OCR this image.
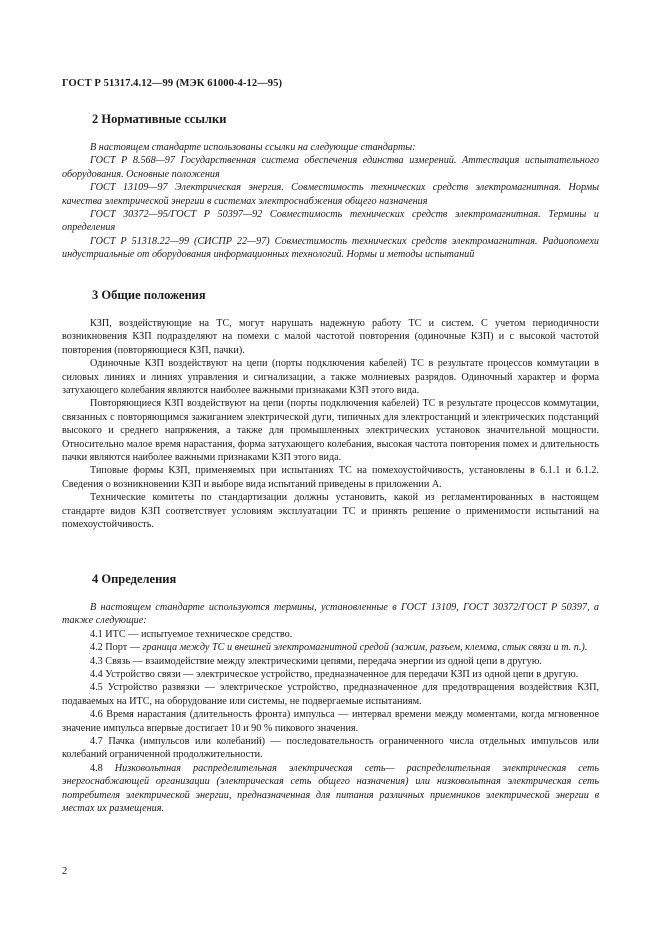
ГОСТ Р 51317.4.12—99 (МЭК 61000-4-12—95)
2 Нормативные ссылки

В настоящем стандарте использованы ссылки на следующие стандарты:

ГОСТ Р 8.568—97 Государственная система обеспечения единства измерений. Аттестация испытательного оборудования. Основные положения

ГОСТ 13109—97 Электрическая энергия. Совместимость технических средств электромагнитная. Нормы качества электрической энергии в системах электроснабжения общего назначения

ГОСТ 30372—95/ГОСТ Р 50397—92 Совместимость технических средств электромагнитная. Термины и определения

ГОСТ Р 51318.22—99 (СИСПР 22—97) Совместимость технических средств электромагнитная. Радиопомехи индустриальные от оборудования информационных технологий. Нормы и методы испытаний

3 Общие положения

КЗП, воздействующие на ТС, могут нарушать надежную работу ТС и систем. С учетом периодичности возникновения КЗП подразделяют на помехи с малой частотой повторения (одиночные КЗП) и с высокой частотой повторения (повторяющиеся КЗП, пачки).

Одиночные КЗП воздействуют на цепи (порты подключения кабелей) ТС в результате процессов коммутации в силовых линиях и линиях управления и сигнализации, а также молниевых разрядов. Одиночный характер и форма затухающего колебания являются наиболее важными признаками КЗП этого вида.

Повторяющиеся КЗП воздействуют на цепи (порты подключения кабелей) ТС в результате процессов коммутации, связанных с повторяющимся зажиганием электрической дуги, типичных для электростанций и электрических подстанций высокого и среднего напряжения, а также для промышленных электрических установок значительной мощности. Относительно малое время нарастания, форма затухающего колебания, высокая частота повторения помех и длительность пачки являются наиболее важными признаками КЗП этого вида.

Типовые формы КЗП, применяемых при испытаниях ТС на помехоустойчивость, установлены в 6.1.1 и 6.1.2. Сведения о возникновении КЗП и выборе вида испытаний приведены в приложении А.

Технические комитеты по стандартизации должны установить, какой из регламентированных в настоящем стандарте видов КЗП соответствует условиям эксплуатации ТС и принять решение о применимости испытаний на помехоустойчивость.

4 Определения

В настоящем стандарте используются термины, установленные в ГОСТ 13109, ГОСТ 30372/ГОСТ Р 50397, а также следующие:

4.1 ИТС — испытуемое техническое средство.

4.2 Порт — граница между ТС и внешней электромагнитной средой (зажим, разъем, клемма, стык связи и т. п.).

4.3 Связь — взаимодействие между электрическими цепями, передача энергии из одной цепи в другую.

4.4 Устройство связи — электрическое устройство, предназначенное для передачи КЗП из одной цепи в другую.

4.5 Устройство развязки — электрическое устройство, предназначенное для предотвращения воздействия КЗП, подаваемых на ИТС, на оборудование или системы, не подвергаемые испытаниям.

4.6 Время нарастания (длительность фронта) импульса — интервал времени между моментами, когда мгновенное значение импульса впервые достигает 10 и 90 % пикового значения.

4.7 Пачка (импульсов или колебаний) — последовательность ограниченного числа отдельных импульсов или колебаний ограниченной продолжительности.

4.8 Низковольтная распределительная электрическая сеть— распределительная электрическая сеть энергоснабжающей организации (электрическая сеть общего назначения) или низковольтная электрическая сеть потребителя электрической энергии, предназначенная для питания различных приемников электрической энергии в местах их размещения.

2
